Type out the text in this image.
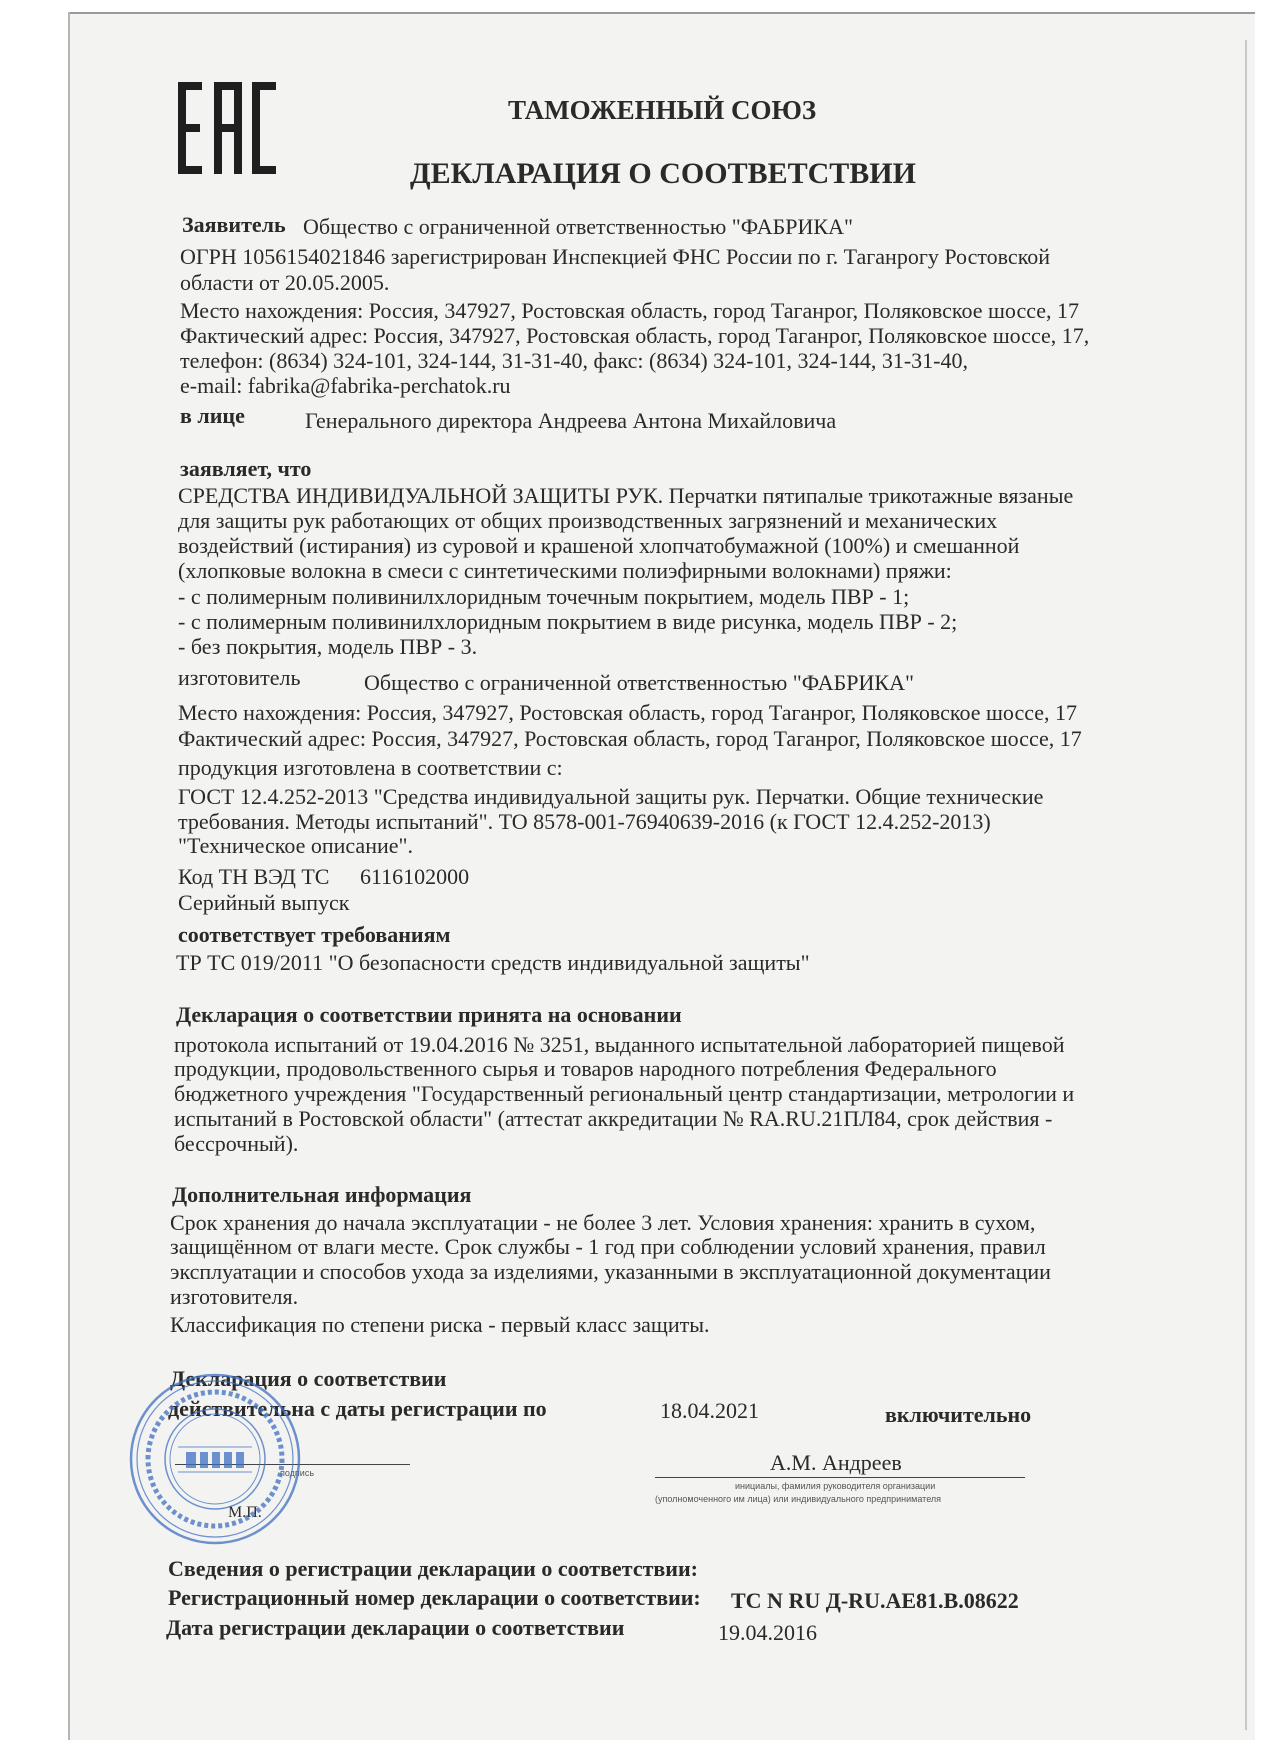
ТАМОЖЕННЫЙ СОЮЗ
ДЕКЛАРАЦИЯ О СООТВЕТСТВИИ
Заявитель Общество с ограниченной ответственностью "ФАБРИКА"
ОГРН 1056154021846 зарегистрирован Инспекцией ФНС России по г. Таганрогу Ростовской
области от 20.05.2005.
Место нахождения: Россия, 347927, Ростовская область, город Таганрог, Поляковское шоссе, 17
Фактический адрес: Россия, 347927, Ростовская область, город Таганрог, Поляковское шоссе, 17,
телефон: (8634) 324-101, 324-144, 31-31-40, факс: (8634) 324-101, 324-144, 31-31-40,
e-mail: fabrika@fabrika-perchatok.ru
в лице	Генерального директора Андреева Антона Михайловича
заявляет, что
СРЕДСТВА ИНДИВИДУАЛЬНОЙ ЗАЩИТЫ РУК. Перчатки пятипалые трикотажные вязаные
для защиты рук работающих от общих производственных загрязнений и механических
воздействий (истирания) из суровой и крашеной хлопчатобумажной (100%) и смешанной
(хлопковые волокна в смеси с синтетическими полиэфирными волокнами) пряжи:
- с полимерным поливинилхлоридным точечным покрытием, модель ПВР - 1;
- с полимерным поливинилхлоридным покрытием в виде рисунка, модель ПВР - 2;
- без покрытия, модель ПВР - 3.
изготовитель	Общество с ограниченной ответственностью "ФАБРИКА"
Место нахождения: Россия, 347927, Ростовская область, город Таганрог, Поляковское шоссе, 17
Фактический адрес: Россия, 347927, Ростовская область, город Таганрог, Поляковское шоссе, 17
продукция изготовлена в соответствии с:
ГОСТ 12.4.252-2013 "Средства индивидуальной защиты рук. Перчатки. Общие технические
требования. Методы испытаний". ТО 8578-001-76940639-2016 (к ГОСТ 12.4.252-2013)
"Техническое описание".
Код ТН ВЭД ТС 6116102000
Серийный выпуск
соответствует требованиям
ТР ТС 019/2011 "О безопасности средств индивидуальной защиты"
Декларация о соответствии принята на основании
протокола испытаний от 19.04.2016 № 3251, выданного испытательной лабораторией пищевой
продукции, продовольственного сырья и товаров народного потребления Федерального
бюджетного учреждения "Государственный региональный центр стандартизации, метрологии и
испытаний в Ростовской области" (аттестат аккредитации № RA.RU.21ПЛ84, срок действия -
бессрочный).
Дополнительная информация
Срок хранения до начала эксплуатации - не более 3 лет. Условия хранения: хранить в сухом,
защищённом от влаги месте. Срок службы - 1 год при соблюдении условий хранения, правил
эксплуатации и способов ухода за изделиями, указанными в эксплуатационной документации
изготовителя.
Классификация по степени риска - первый класс защиты.
Декларация о соответствии
действительна с даты регистрации по	18.04.2021	включительно
А.М. Андреев
инициалы, фамилия руководителя организации
(уполномоченного им лица) или индивидуального предпринимателя
подпись
М.П.
Сведения о регистрации декларации о соответствии:
Регистрационный номер декларации о соответствии: ТС N RU Д-RU.АЕ81.В.08622
Дата регистрации декларации о соответствии	19.04.2016
